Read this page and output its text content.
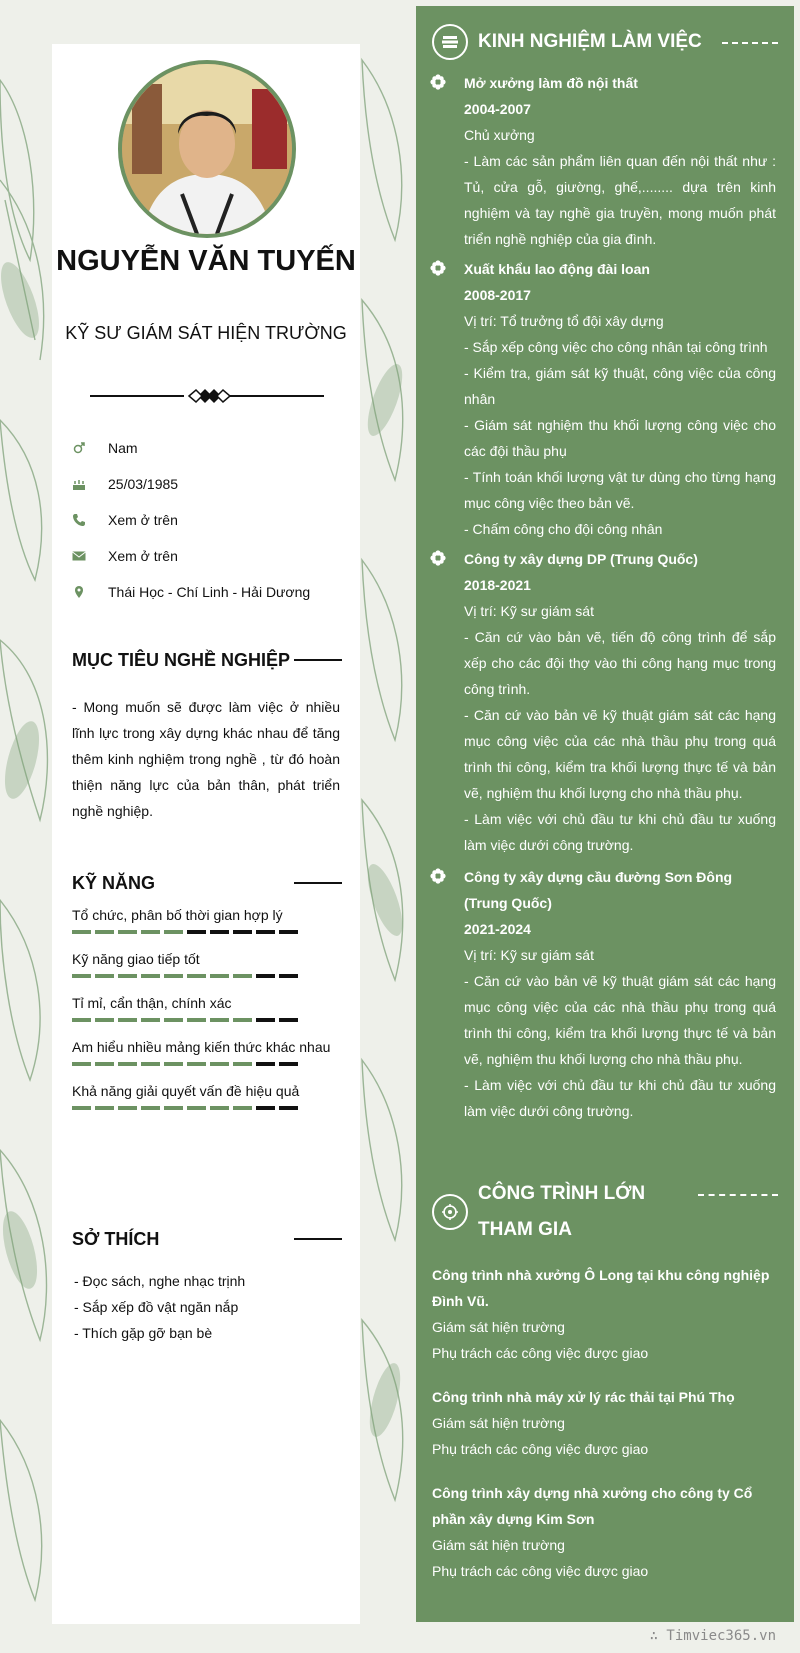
NGUYỄN VĂN TUYẾN
KỸ SƯ GIÁM SÁT HIỆN TRƯỜNG
Nam
25/03/1985
Xem ở trên
Xem ở trên
Thái Học - Chí Linh - Hải Dương
MỤC TIÊU NGHỀ NGHIỆP
- Mong muốn sẽ được làm việc ở nhiều lĩnh lực trong xây dựng khác nhau để tăng thêm kinh nghiệm trong nghề , từ đó hoàn thiện năng lực của bản thân, phát triển nghề nghiệp.
KỸ NĂNG
Tổ chức, phân bố thời gian hợp lý
Kỹ năng giao tiếp tốt
Tỉ mỉ, cẩn thận, chính xác
Am hiểu nhiều mảng kiến thức khác nhau
Khả năng giải quyết vấn đề hiệu quả
SỞ THÍCH
- Đọc sách, nghe nhạc trịnh
- Sắp xếp đồ vật ngăn nắp
- Thích gặp gỡ bạn bè
KINH NGHIỆM LÀM VIỆC
Mở xưởng làm đồ nội thất
2004-2007
Chủ xưởng
- Làm các sản phẩm liên quan đến nội thất như : Tủ, cửa gỗ, giường, ghế,........ dựa trên kinh nghiệm và tay nghề gia truyền, mong muốn phát triển nghề nghiệp của gia đình.
Xuất khẩu lao động đài loan
2008-2017
Vị trí: Tổ trưởng tổ đội xây dựng
- Sắp xếp công việc cho công nhân tại công trình
- Kiểm tra, giám sát kỹ thuật, công việc của công nhân
- Giám sát nghiệm thu khối lượng công việc cho các đội thầu phụ
- Tính toán khối lượng vật tư dùng cho từng hạng mục công việc theo bản vẽ.
- Chấm công cho đội công nhân
Công ty xây dựng DP (Trung Quốc)
2018-2021
Vị trí: Kỹ sư giám sát
- Căn cứ vào bản vẽ, tiến độ công trình để sắp xếp cho các đội thợ vào thi công hạng mục trong công trình.
- Căn cứ vào bản vẽ kỹ thuật giám sát các hạng mục công việc của các nhà thầu phụ trong quá trình thi công, kiểm tra khối lượng thực tế và bản vẽ, nghiệm thu khối lượng cho nhà thầu phụ.
- Làm việc với chủ đầu tư khi chủ đầu tư xuống làm việc dưới công trường.
Công ty xây dựng cầu đường Sơn Đông (Trung Quốc)
2021-2024
Vị trí: Kỹ sư giám sát
- Căn cứ vào bản vẽ kỹ thuật giám sát các hạng mục công việc của các nhà thầu phụ trong quá trình thi công, kiểm tra khối lượng thực tế và bản vẽ, nghiệm thu khối lượng cho nhà thầu phụ.
- Làm việc với chủ đầu tư khi chủ đầu tư xuống làm việc dưới công trường.
CÔNG TRÌNH LỚN THAM GIA
Công trình nhà xưởng Ô Long tại khu công nghiệp Đình Vũ.
Giám sát hiện trường
Phụ trách các công việc được giao
Công trình nhà máy xử lý rác thải tại Phú Thọ
Giám sát hiện trường
Phụ trách các công việc được giao
Công trình xây dựng nhà xưởng cho công ty Cổ phần xây dựng Kim Sơn
Giám sát hiện trường
Phụ trách các công việc được giao
∴ Timviec365.vn
